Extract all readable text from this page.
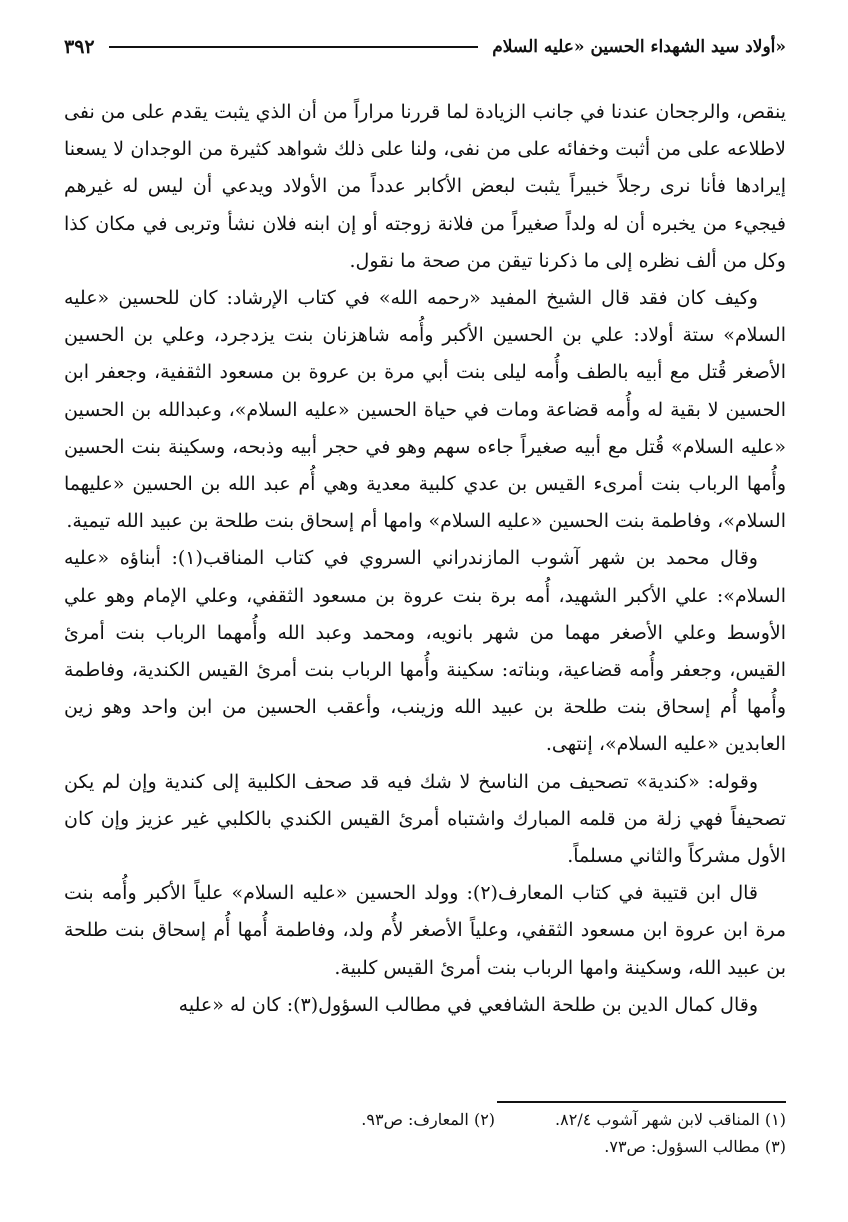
٣٩٢	أولاد سيد الشهداء الحسين «عليه السلام»

ينقص، والرجحان عندنا في جانب الزيادة لما قررنا مراراً من أن الذي يثبت يقدم على من نفى لاطلاعه على من أثبت وخفائه على من نفى، ولنا على ذلك شواهد كثيرة من الوجدان لا يسعنا إيرادها فأنا نرى رجلاً خبيراً يثبت لبعض الأكابر عدداً من الأولاد ويدعي أن ليس له غيرهم فيجيء من يخبره أن له ولداً صغيراً من فلانة زوجته أو إن ابنه فلان نشأ وتربى في مكان كذا وكل من ألف نظره إلى ما ذكرنا تيقن من صحة ما نقول.

وكيف كان فقد قال الشيخ المفيد «رحمه الله» في كتاب الإرشاد: كان للحسين «عليه السلام» ستة أولاد: علي بن الحسين الأكبر وأُمه شاهزنان بنت يزدجرد، وعلي بن الحسين الأصغر قُتل مع أبيه بالطف وأُمه ليلى بنت أبي مرة بن عروة بن مسعود الثقفية، وجعفر ابن الحسين لا بقية له وأُمه قضاعة ومات في حياة الحسين «عليه السلام»، وعبدالله بن الحسين «عليه السلام» قُتل مع أبيه صغيراً جاءه سهم وهو في حجر أبيه وذبحه، وسكينة بنت الحسين وأُمها الرباب بنت أمرىء القيس بن عدي كلبية معدية وهي أُم عبد الله بن الحسين «عليهما السلام»، وفاطمة بنت الحسين «عليه السلام» وامها أم إسحاق بنت طلحة بن عبيد الله تيمية.

وقال محمد بن شهر آشوب المازندراني السروي في كتاب المناقب(١): أبناؤه «عليه السلام»: علي الأكبر الشهيد، أُمه برة بنت عروة بن مسعود الثقفي، وعلي الإمام وهو علي الأوسط وعلي الأصغر مهما من شهر بانويه، ومحمد وعبد الله وأُمهما الرباب بنت أمرئ القيس، وجعفر وأُمه قضاعية، وبناته: سكينة وأُمها الرباب بنت أمرئ القيس الكندية، وفاطمة وأُمها أُم إسحاق بنت طلحة بن عبيد الله وزينب، وأعقب الحسين من ابن واحد وهو زين العابدين «عليه السلام»، إنتهى.

وقوله: «كندية» تصحيف من الناسخ لا شك فيه قد صحف الكلبية إلى كندية وإن لم يكن تصحيفاً فهي زلة من قلمه المبارك واشتباه أمرئ القيس الكندي بالكلبي غير عزيز وإن كان الأول مشركاً والثاني مسلماً.

قال ابن قتيبة في كتاب المعارف(٢): وولد الحسين «عليه السلام» علياً الأكبر وأُمه بنت مرة ابن عروة ابن مسعود الثقفي، وعلياً الأصغر لأُم ولد، وفاطمة أُمها أُم إسحاق بنت طلحة بن عبيد الله، وسكينة وامها الرباب بنت أمرئ القيس كلبية.

وقال كمال الدين بن طلحة الشافعي في مطالب السؤول(٣): كان له «عليه

(١) المناقب لابن شهر آشوب ٨٢/٤.(٢) المعارف: ص٩٣.
(٣) مطالب السؤول: ص٧٣.
